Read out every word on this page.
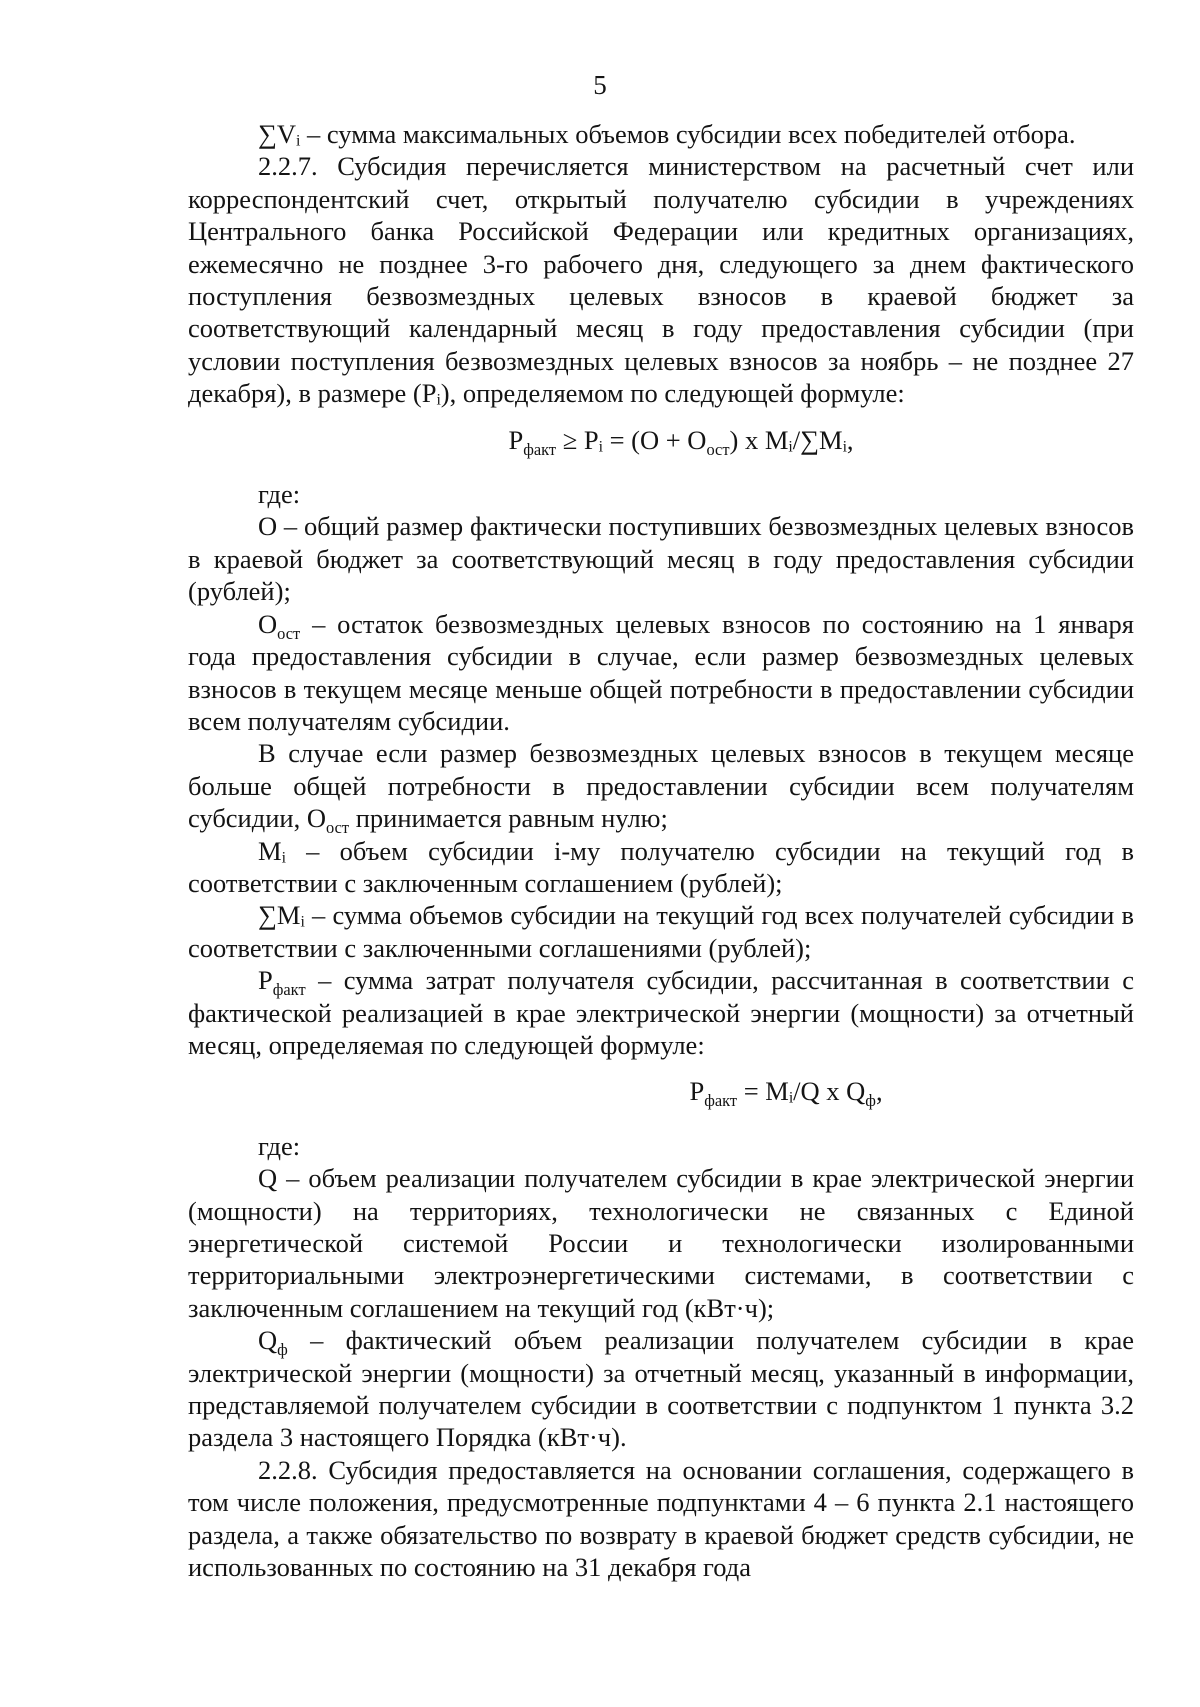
5

∑Vᵢ – сумма максимальных объемов субсидии всех победителей отбора.

2.2.7. Субсидия перечисляется министерством на расчетный счет или корреспондентский счет, открытый получателю субсидии в учреждениях Центрального банка Российской Федерации или кредитных организациях, ежемесячно не позднее 3-го рабочего дня, следующего за днем фактического поступления безвозмездных целевых взносов в краевой бюджет за соответствующий календарный месяц в году предоставления субсидии (при условии поступления безвозмездных целевых взносов за ноябрь – не позднее 27 декабря), в размере (Pᵢ), определяемом по следующей формуле:

$Р_{факт}$ ≥ Pᵢ = $(О + О_{ост})$ x Mᵢ/∑Mᵢ,

где:

О – общий размер фактически поступивших безвозмездных целевых взносов в краевой бюджет за соответствующий месяц в году предоставления субсидии (рублей);

$О_{ост}$ – остаток безвозмездных целевых взносов по состоянию на 1 января года предоставления субсидии в случае, если размер безвозмездных целевых взносов в текущем месяце меньше общей потребности в предоставлении субсидии всем получателям субсидии.

В случае если размер безвозмездных целевых взносов в текущем месяце больше общей потребности в предоставлении субсидии всем получателям субсидии, $О_{ост}$ принимается равным нулю;

Mᵢ – объем субсидии i-му получателю субсидии на текущий год в соответствии с заключенным соглашением (рублей);

∑Mᵢ – сумма объемов субсидии на текущий год всех получателей субсидии в соответствии с заключенными соглашениями (рублей);

$Р_{факт}$ – сумма затрат получателя субсидии, рассчитанная в соответствии с фактической реализацией в крае электрической энергии (мощности) за отчетный месяц, определяемая по следующей формуле:

$Р_{факт}$ = Mᵢ/Q x $Q_ф$,

где:

Q – объем реализации получателем субсидии в крае электрической энергии (мощности) на территориях, технологически не связанных с Единой энергетической системой России и технологически изолированными территориальными электроэнергетическими системами, в соответствии с заключенным соглашением на текущий год (кВт·ч);

$Q_ф$ – фактический объем реализации получателем субсидии в крае электрической энергии (мощности) за отчетный месяц, указанный в информации, представляемой получателем субсидии в соответствии с подпунктом 1 пункта 3.2 раздела 3 настоящего Порядка (кВт·ч).

2.2.8. Субсидия предоставляется на основании соглашения, содержащего в том числе положения, предусмотренные подпунктами 4 – 6 пункта 2.1 настоящего раздела, а также обязательство по возврату в краевой бюджет средств субсидии, не использованных по состоянию на 31 декабря года
